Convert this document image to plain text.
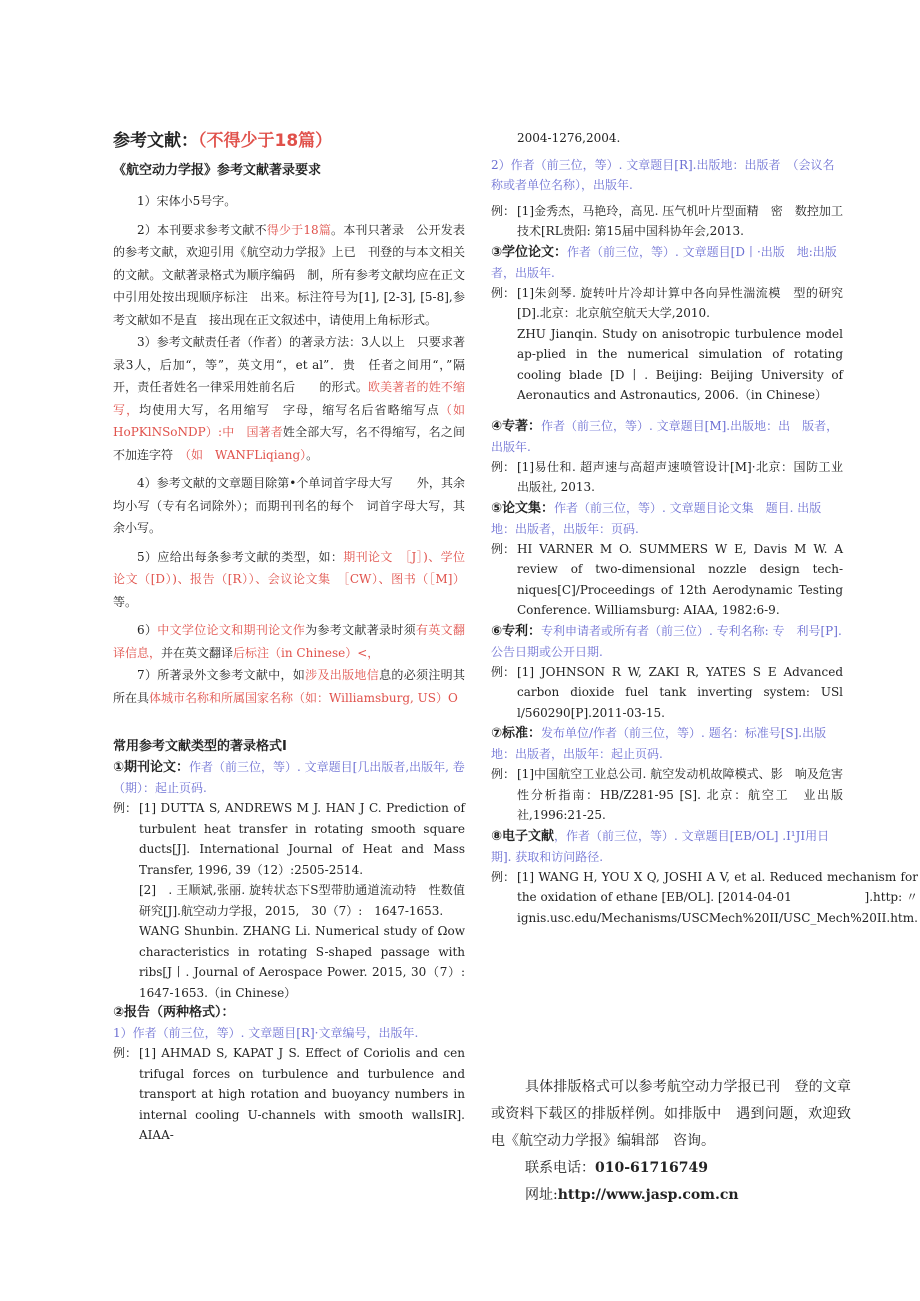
参考文献：（不得少于18篇）

《航空动力学报》参考文献著录要求

1）宋体小5号字。

2）本刊要求参考文献不得少于18篇。本刊只著录　公开发表的参考文献，欢迎引用《航空动力学报》上已　刊登的与本文相关的文献。文献著录格式为顺序编码　制，所有参考文献均应在正文中引用处按出现顺序标注　出来。标注符号为[1], [2-3], [5-8],参考文献如不是直　接出现在正文叙述中，请使用上角标形式。

3）参考文献责任者（作者）的著录方法：3人以上　只要求著录3人，后加“，等”，英文用“，et al”．贵　任者之间用“，”隔开，责任者姓名一律采用姓前名后　　的形式。欧美著者的姓不缩写，均使用大写，名用缩写　字母，缩写名后省略缩写点（如HoPKlNSoNDP）:中　国著者姓全部大写，名不得缩写，名之间不加连字符　（如　WANFLiqiang）。

4）参考文献的文章题目除第•个单词首字母大写　　外，其余均小写（专有名词除外）；而期刊刊名的每个　词首字母大写，其余小写。

5）应给出每条参考文献的类型，如：期刊论文　［J］)、学位论文（[D）)、报告（[R））、会议论文集　［CW）、图书（［M]）等。

6）中文学位论文和期刊论文作为参考文献著录时须有英文翻译信息，并在英文翻译后标注（in Chinese）<，

7）所著录外文参考文献中，如涉及出版地信息的必须注明其所在具体城市名称和所属国家名称（如：Williamsburg, US）O

常用参考文献类型的著录格式I

①期刊论文：作者（前三位，等）. 文章题目[几出版者,出版年, 卷（期）：起止页码.

例： [1] DUTTA S, ANDREWS M J. HAN J C. Prediction of turbulent heat transfer in rotating smooth square ducts[J]. International Journal of Heat and Mass Transfer, 1996, 39（12）:2505-2514.

[2]　. 王顺斌,张丽. 旋转状态下S型带肋通道流动特　性数值研究[J].航空动力学报，2015,　30（7）:　1647-1653.

WANG Shunbin. ZHANG Li. Numerical study of Ωow characteristics in rotating S-shaped passage with ribs[J丨. Journal of Aerospace Power. 2015, 30（7）: 1647-1653.（in Chinese）

②报告（两种格式）：

1）作者（前三位，等）. 文章题目[R]·文章编号，出版年.

例： [1] AHMAD S, KAPAT J S. Effect of Coriolis and cen trifugal forces on turbulence and turbulence and transport at high rotation and buoyancy numbers in internal cooling U-channels with smooth wallsIR]. AIAA-

2004-1276,2004.

2）作者（前三位，等）. 文章题目[R].出版地：出版者　（会议名称或者单位名称），出版年.

例： [1]金秀杰，马艳玲，高见. 压气机叶片型面精　密　数控加工技术[RL贵阳: 第15届中国科协年会,2013.

③学位论文：作者（前三位，等）. 文章题目[D丨·出版　地:出版者，出版年.

例： [1]朱剑琴. 旋转叶片冷却计算中各向异性湍流模　型的研究[D].北京：北京航空航天大学,2010.

ZHU Jianqin. Study on anisotropic turbulence model ap-plied in the numerical simulation of rotating cooling blade [D丨. Beijing: Beijing University of Aeronautics and Astronautics, 2006.（in Chinese）

④专著：作者（前三位，等）. 文章题目[M].出版地：出　版者，出版年.

例： [1]易仕和. 超声速与高超声速喷管设计[M]·北京：国防工业出版社, 2013.

⑤论文集：作者（前三位，等）. 文章题目论文集　题目. 出版地：出版者，出版年：页码.

例： HI VARNER M O. SUMMERS W E, Davis M W. A review of two-dimensional nozzle design tech-niques[C]∕Proceedings of 12th Aerodynamic Testing Conference. Williamsburg: AIAA, 1982:6-9.

⑥专利：专利申请者或所有者（前三位）. 专利名称: 专　利号[P].公告日期或公开日期.

例： [1] JOHNSON R W, ZAKI R, YATES S E Advanced carbon dioxide fuel tank inverting system: USl l∕560290[P].2011-03-15.

⑦标准：发布单位/作者（前三位，等）. 题名：标准号[S].出版地：出版者，出版年：起止页码.

例： [1]中国航空工业总公司. 航空发动机故障模式、影　响及危害性分析指南：HB∕Z281-95 [S]. 北京：航空工　业出版社,1996:21-25.

⑧电子文献，作者（前三位，等）. 文章题目[EB∕OL] .I¹JI用日期]. 获取和访问路径.

例： [1] WANG H, YOU X Q, JOSHI A V, et al. Reduced mechanism for the oxidation of ethane [EB∕OL]. [2014-04-01	].http: 〃
ignis.usc.edu/Mechanisms/USCMech%20II/USC_Mech%20II.htm.

具体排版格式可以参考航空动力学报已刊　登的文章或资料下载区的排版样例。如排版中　遇到问题，欢迎致电《航空动力学报》编辑部　咨询。

联系电话：010-61716749

网址:http://www.jasp.com.cn
